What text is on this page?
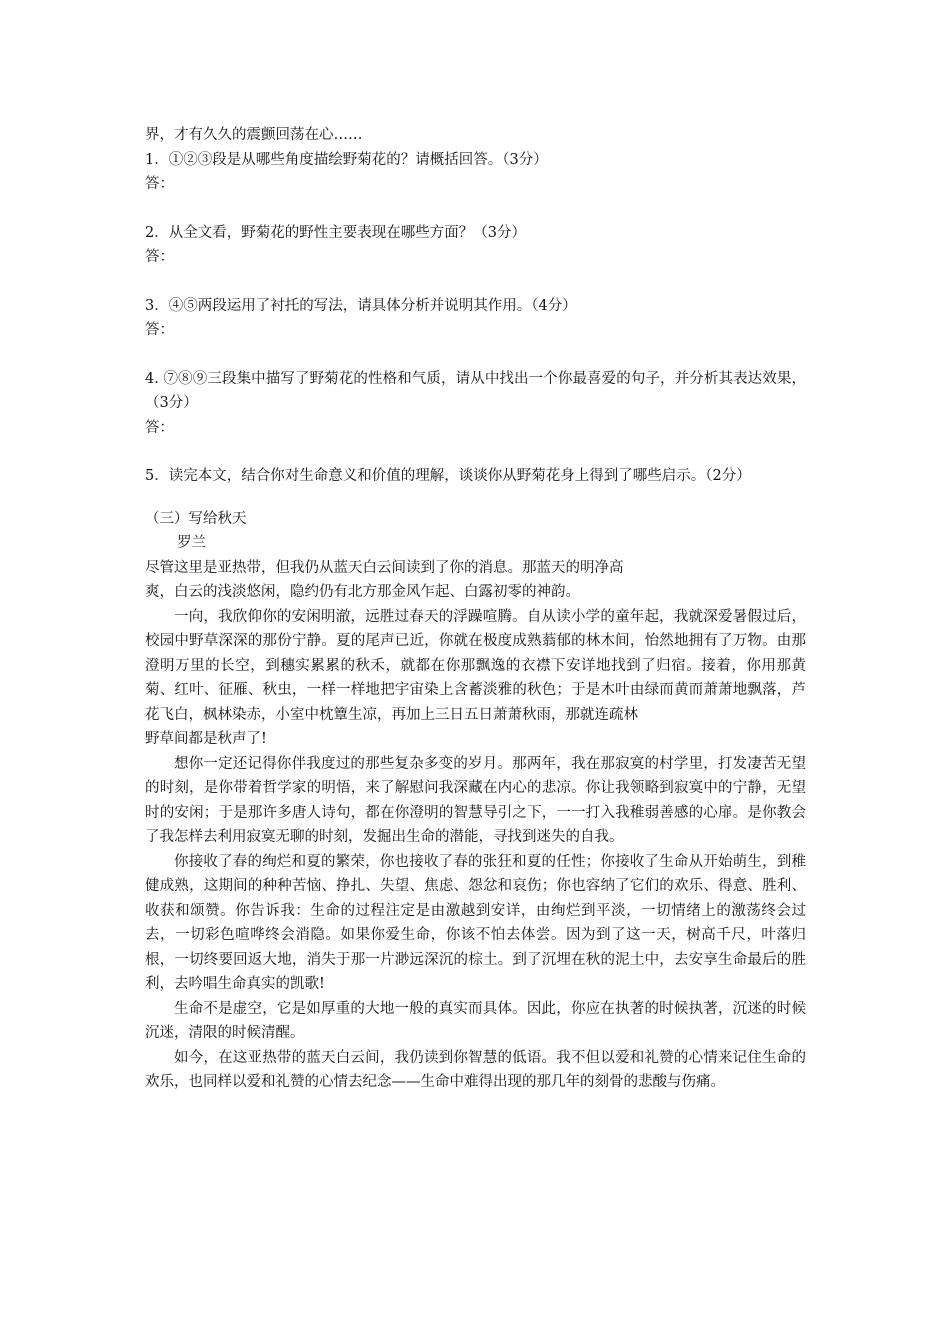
界，才有久久的震颤回荡在心……
1．①②③段是从哪些角度描绘野菊花的？请概括回答。（3分）
答：
2．从全文看，野菊花的野性主要表现在哪些方面？（3分）
答：
3．④⑤两段运用了衬托的写法，请具体分析并说明其作用。（4分）
答：
4. ⑦⑧⑨三段集中描写了野菊花的性格和气质，请从中找出一个你最喜爱的句子，并分析其表达效果，（3分）
答：
5．读完本文，结合你对生命意义和价值的理解，谈谈你从野菊花身上得到了哪些启示。（2分）
（三）写给秋天
罗兰
尽管这里是亚热带，但我仍从蓝天白云间读到了你的消息。那蓝天的明净高
爽，白云的浅淡悠闲，隐约仍有北方那金风乍起、白露初零的神韵。
一向，我欣仰你的安闲明澈，远胜过春天的浮躁喧腾。自从读小学的童年起，我就深爱暑假过后，校园中野草深深的那份宁静。夏的尾声已近，你就在极度成熟蓊郁的林木间，怡然地拥有了万物。由那澄明万里的长空，到穗实累累的秋禾，就都在你那飘逸的衣襟下安详地找到了归宿。接着，你用那黄菊、红叶、征雁、秋虫，一样一样地把宇宙染上含蓄淡雅的秋色；于是木叶由绿而黄而萧萧地飘落，芦花飞白，枫林染赤，小室中枕簟生凉，再加上三日五日萧萧秋雨，那就连疏林
野草间都是秋声了!
想你一定还记得你伴我度过的那些复杂多变的岁月。那两年，我在那寂寞的村学里，打发凄苦无望的时刻，是你带着哲学家的明悟，来了解慰问我深藏在内心的悲凉。你让我领略到寂寞中的宁静，无望时的安闲；于是那许多唐人诗句，都在你澄明的智慧导引之下，一一打入我稚弱善感的心扉。是你教会了我怎样去利用寂寞无聊的时刻，发掘出生命的潜能，寻找到迷失的自我。
你接收了春的绚烂和夏的繁荣，你也接收了春的张狂和夏的任性；你接收了生命从开始萌生，到稚健成熟，这期间的种种苦恼、挣扎、失望、焦虑、怨忿和哀伤；你也容纳了它们的欢乐、得意、胜利、收获和颂赞。你告诉我：生命的过程注定是由激越到安详，由绚烂到平淡，一切情绪上的激荡终会过去，一切彩色喧哗终会消隐。如果你爱生命，你该不怕去体尝。因为到了这一天，树高千尺，叶落归根，一切终要回返大地，消失于那一片渺远深沉的棕土。到了沉埋在秋的泥土中，去安享生命最后的胜利，去吟唱生命真实的凯歌!
生命不是虚空，它是如厚重的大地一般的真实而具体。因此，你应在执著的时候执著，沉迷的时候沉迷，清限的时候清醒。
如今，在这亚热带的蓝天白云间，我仍读到你智慧的低语。我不但以爱和礼赞的心情来记住生命的欢乐，也同样以爱和礼赞的心情去纪念——生命中难得出现的那几年的刻骨的悲酸与伤痛。
